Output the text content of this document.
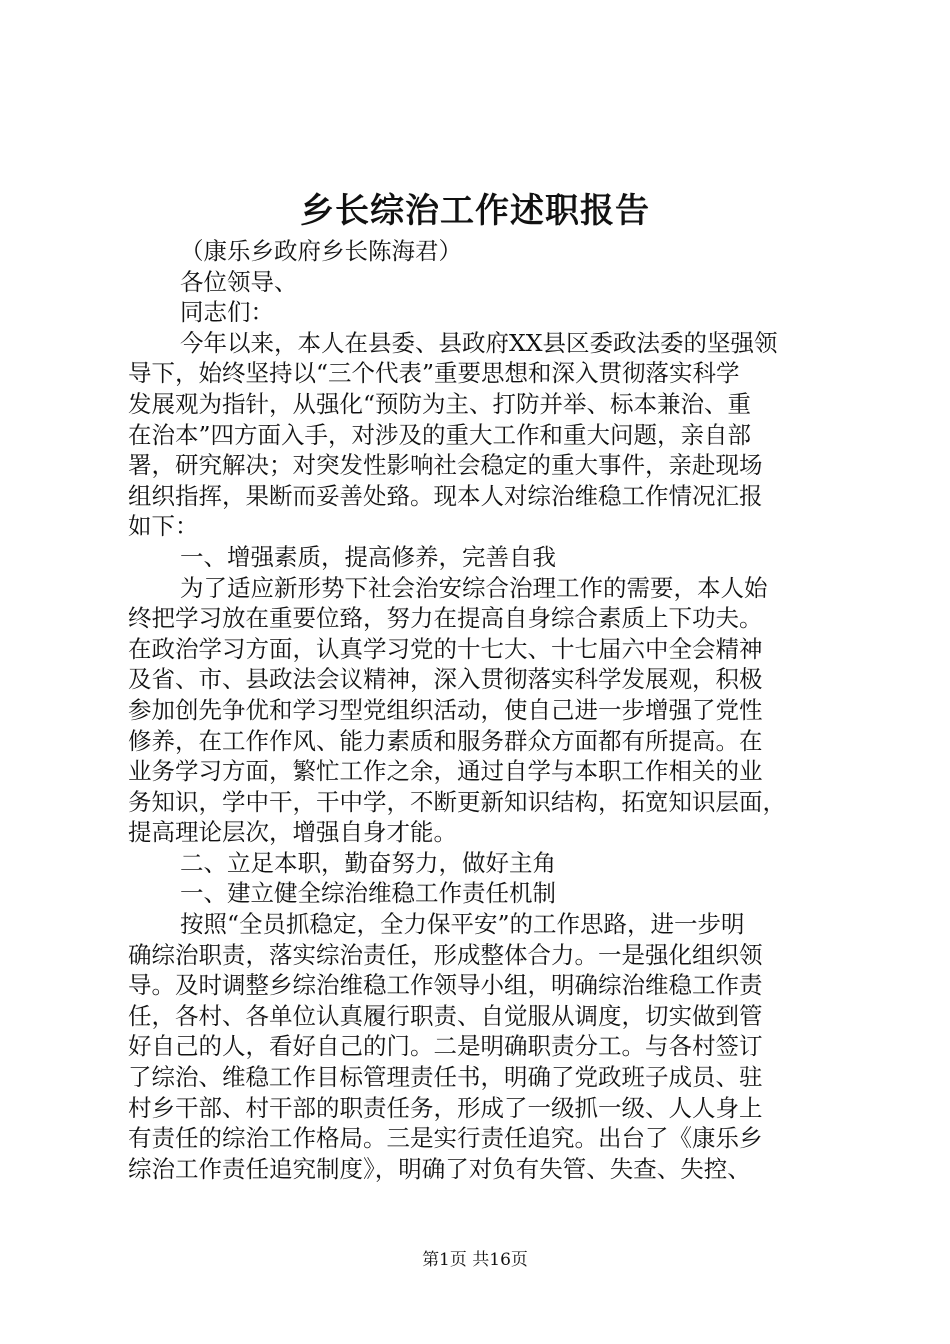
乡长综治工作述职报告
（康乐乡政府乡长陈海君）
各位领导、
同志们：
今年以来，本人在县委、县政府XX县区委政法委的坚强领
导下，始终坚持以“三个代表”重要思想和深入贯彻落实科学
发展观为指针，从强化“预防为主、打防并举、标本兼治、重
在治本”四方面入手，对涉及的重大工作和重大问题，亲自部
署，研究解决；对突发性影响社会稳定的重大事件，亲赴现场
组织指挥，果断而妥善处臵。现本人对综治维稳工作情况汇报
如下：
一、增强素质，提高修养，完善自我
为了适应新形势下社会治安综合治理工作的需要，本人始
终把学习放在重要位臵，努力在提高自身综合素质上下功夫。
在政治学习方面，认真学习党的十七大、十七届六中全会精神
及省、市、县政法会议精神，深入贯彻落实科学发展观，积极
参加创先争优和学习型党组织活动，使自己进一步增强了党性
修养，在工作作风、能力素质和服务群众方面都有所提高。在
业务学习方面，繁忙工作之余，通过自学与本职工作相关的业
务知识，学中干，干中学，不断更新知识结构，拓宽知识层面，
提高理论层次，增强自身才能。
二、立足本职，勤奋努力，做好主角
一、建立健全综治维稳工作责任机制
按照“全员抓稳定，全力保平安”的工作思路，进一步明
确综治职责，落实综治责任，形成整体合力。一是强化组织领
导。及时调整乡综治维稳工作领导小组，明确综治维稳工作责
任，各村、各单位认真履行职责、自觉服从调度，切实做到管
好自己的人，看好自己的门。二是明确职责分工。与各村签订
了综治、维稳工作目标管理责任书，明确了党政班子成员、驻
村乡干部、村干部的职责任务，形成了一级抓一级、人人身上
有责任的综治工作格局。三是实行责任追究。出台了《康乐乡
综治工作责任追究制度》，明确了对负有失管、失查、失控、
第1页 共16页
